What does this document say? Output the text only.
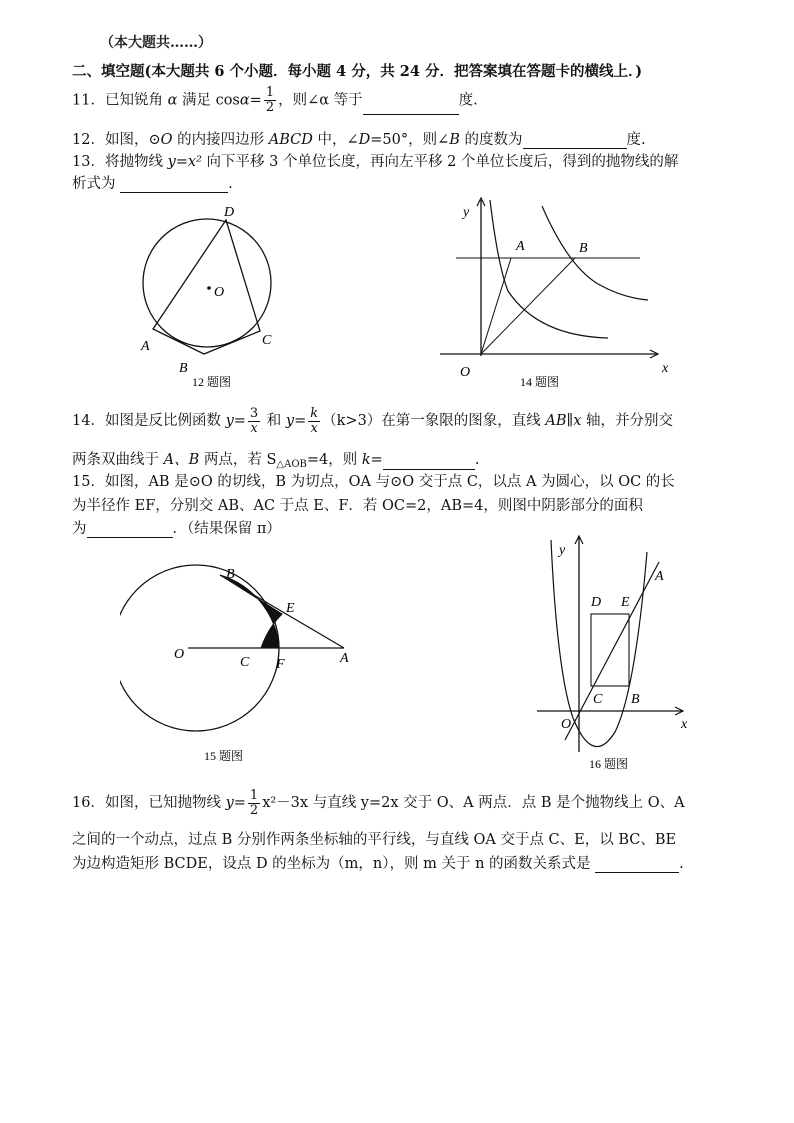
（本大题共……）
二、填空题(本大题共 6 个小题．每小题 4 分，共 24 分．把答案填在答题卡的横线上．)
11．已知锐角 α 满足 $\cos\alpha= \frac{1}{2}$ ，则∠α 等于	度.
12．如图，⊙O 的内接四边形 ABCD 中，∠D=50°，则∠B 的度数为	度.
13．将抛物线 y=x² 向下平移 3 个单位长度，再向左平移 2 个单位长度后，得到的抛物线的解
析式为	.
D
O
A	C
B
12 题图
y
x
O
A	B
14 题图
14．如图是反比例函数 $y= \frac{3}{x}$ 和 $y= \frac{k}{x} (k>3)$在第一象限的图象，直线 AB∥x 轴，并分别交
两条双曲线于 A、B 两点，若 $S_{\triangle AOB}=4$，则 k=	.
15．如图，AB 是⊙O 的切线，B 为切点，OA 与⊙O 交于点 C，以点 A 为圆心，以 OC 的长
为半径作 EF，分别交 AB、AC 于点 E、F．若 OC=2，AB=4，则图中阴影部分的面积
为	．（结果保留 π）
B
E
O
C F	A
15 题图
y
x
O
A
D E
C B
16 题图
16．如图，已知抛物线 $y= \frac{1}{2} x^2-3x$ 与直线 y=2x 交于 O、A 两点．点 B 是个抛物线上 O、A
之间的一个动点，过点 B 分别作两条坐标轴的平行线，与直线 OA 交于点 C、E，以 BC、BE
为边构造矩形 BCDE，设点 D 的坐标为（m，n），则 m 关于 n 的函数关系式是	.
